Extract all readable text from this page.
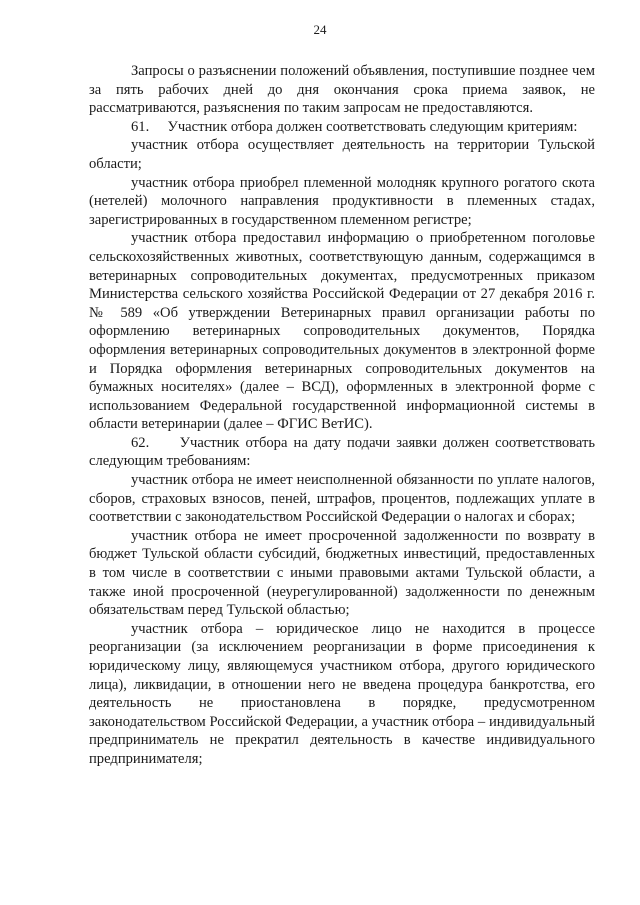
24

Запросы о разъяснении положений объявления, поступившие позднее чем за пять рабочих дней до дня окончания срока приема заявок, не рассматриваются, разъяснения по таким запросам не предоставляются.

61.     Участник отбора должен соответствовать следующим критериям:

участник отбора осуществляет деятельность на территории Тульской области;

участник отбора приобрел племенной молодняк крупного рогатого скота (нетелей) молочного направления продуктивности в племенных стадах, зарегистрированных в государственном племенном регистре;

участник отбора предоставил информацию о приобретенном поголовье сельскохозяйственных животных, соответствующую данным, содержащимся в ветеринарных сопроводительных документах, предусмотренных приказом Министерства сельского хозяйства Российской Федерации от 27 декабря 2016 г. № 589 «Об утверждении Ветеринарных правил организации работы по оформлению ветеринарных сопроводительных документов, Порядка оформления ветеринарных сопроводительных документов в электронной форме и Порядка оформления ветеринарных сопроводительных документов на бумажных носителях» (далее – ВСД), оформленных в электронной форме с использованием Федеральной государственной информационной системы в области ветеринарии (далее – ФГИС ВетИС).

62.     Участник отбора на дату подачи заявки должен соответствовать следующим требованиям:

участник отбора не имеет неисполненной обязанности по уплате налогов, сборов, страховых взносов, пеней, штрафов, процентов, подлежащих уплате в соответствии с законодательством Российской Федерации о налогах и сборах;

участник отбора не имеет просроченной задолженности по возврату в бюджет Тульской области субсидий, бюджетных инвестиций, предоставленных в том числе в соответствии с иными правовыми актами Тульской области, а также иной просроченной (неурегулированной) задолженности по денежным обязательствам перед Тульской областью;

участник отбора – юридическое лицо не находится в процессе реорганизации (за исключением реорганизации в форме присоединения к юридическому лицу, являющемуся участником отбора, другого юридического лица), ликвидации, в отношении него не введена процедура банкротства, его деятельность не приостановлена в порядке, предусмотренном законодательством Российской Федерации, а участник отбора – индивидуальный предприниматель не прекратил деятельность в качестве индивидуального предпринимателя;
